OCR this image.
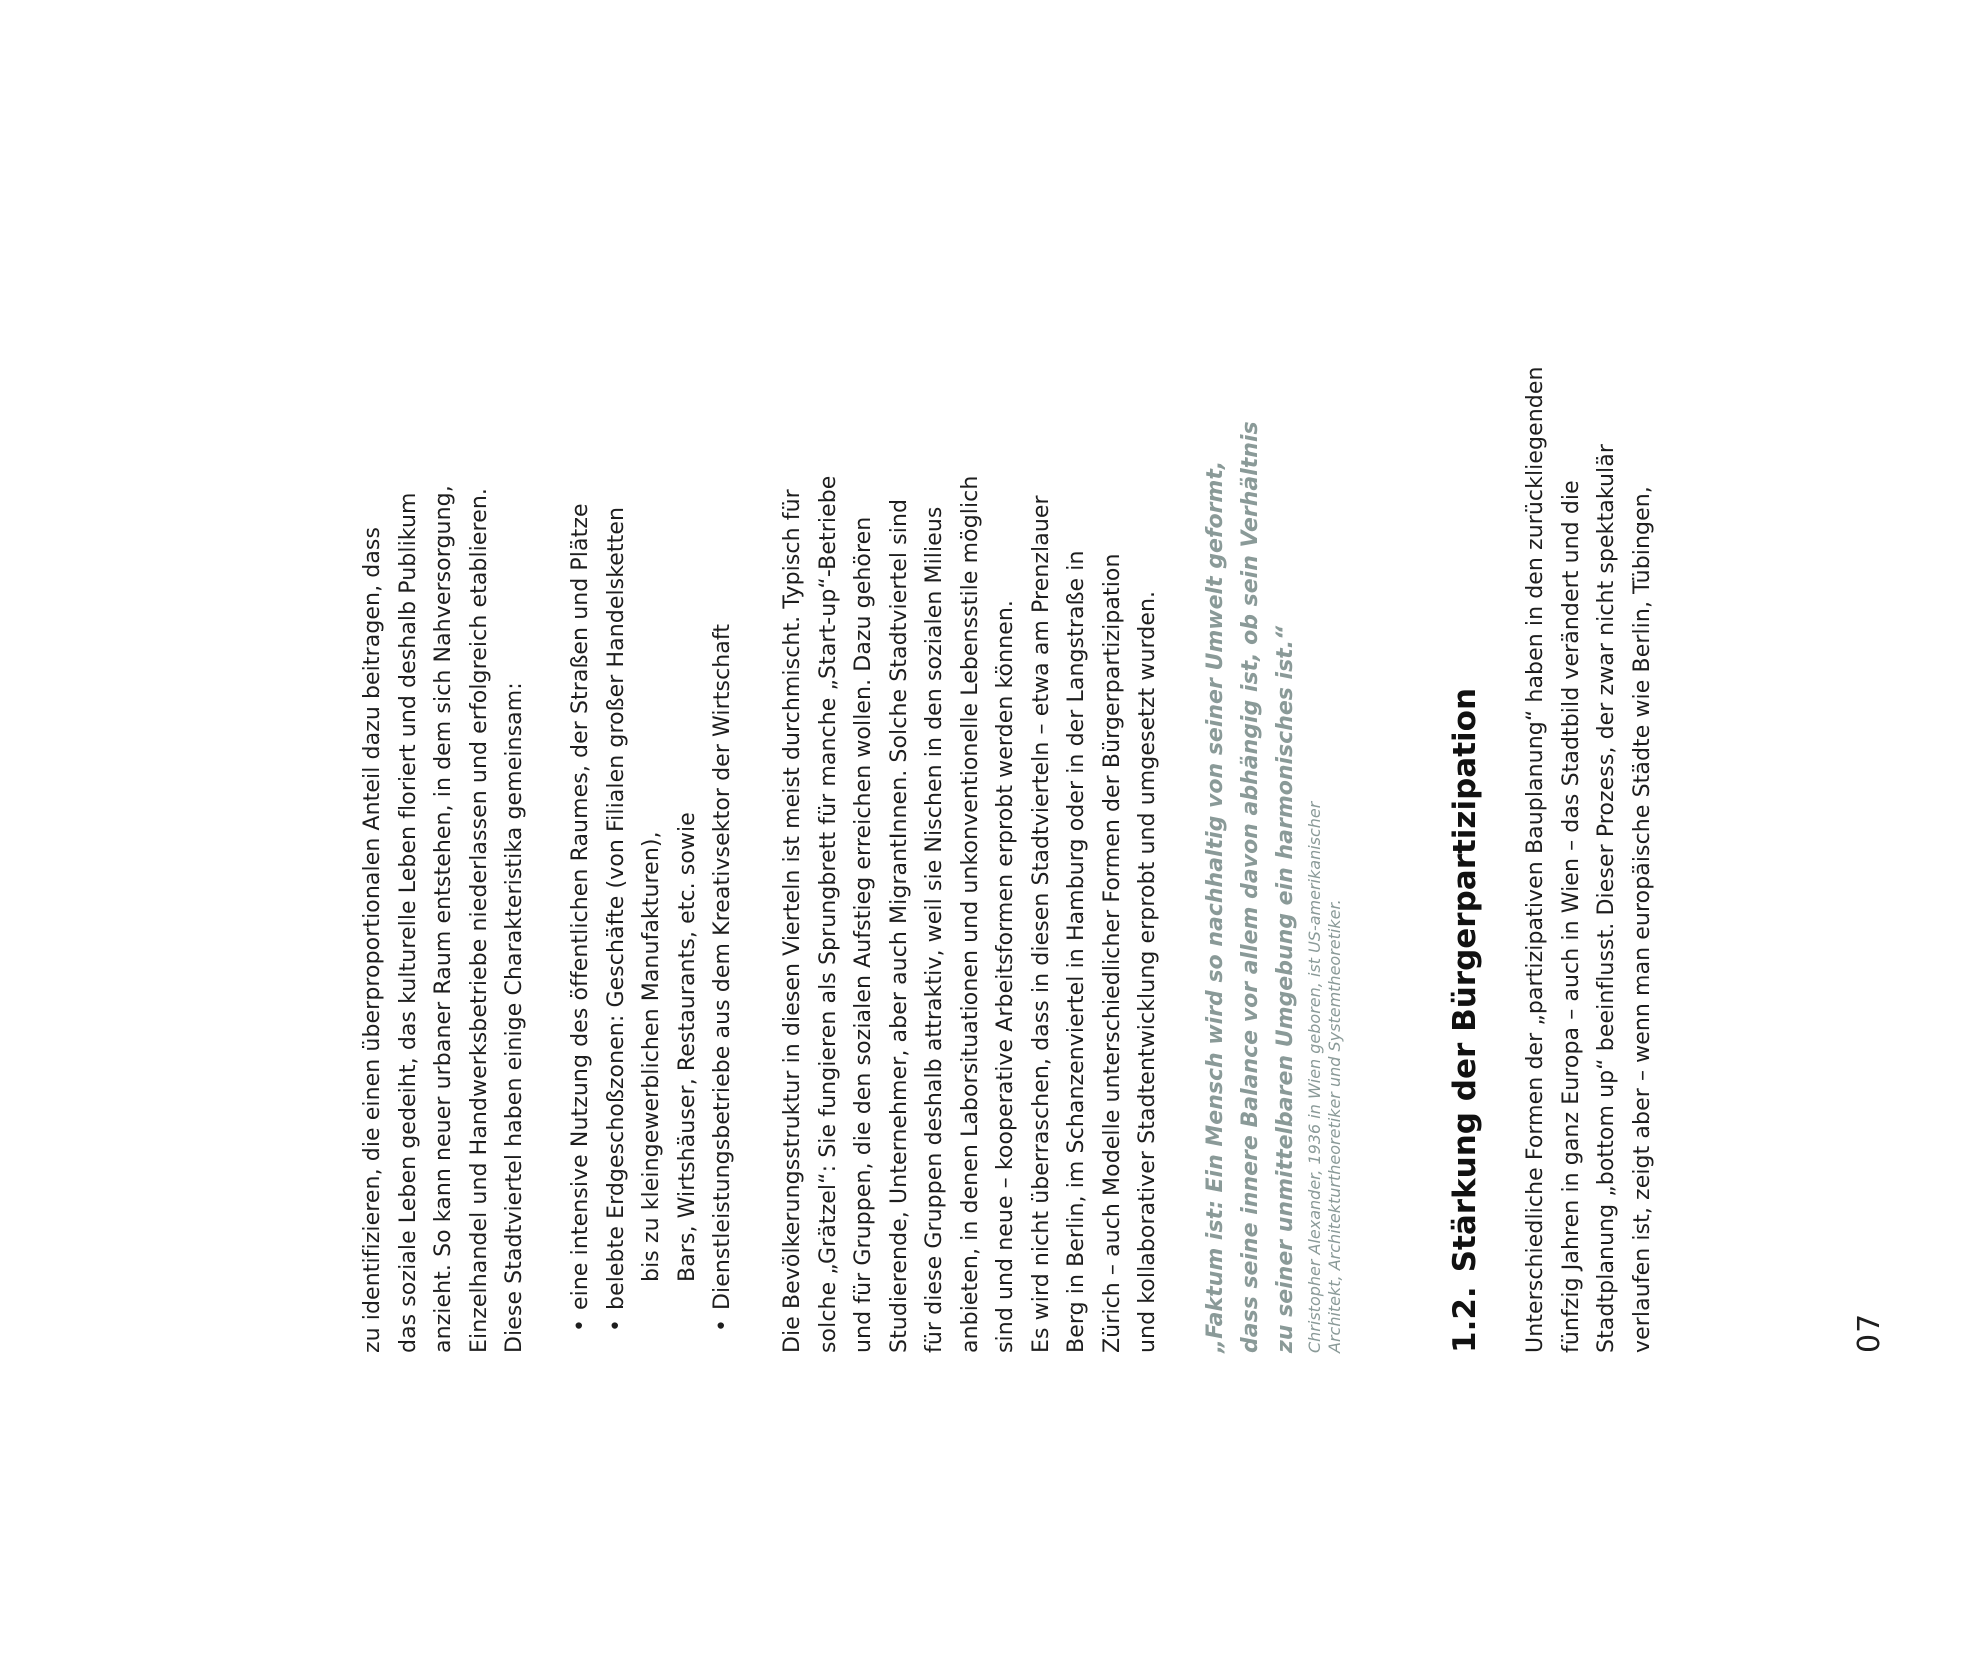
zu identifizieren, die einen überproportionalen Anteil dazu beitragen, dass das soziale Leben gedeiht, das kulturelle Leben floriert und deshalb Publikum anzieht. So kann neuer urbaner Raum entstehen, in dem sich Nahversorgung, Einzelhandel und Handwerksbetriebe niederlassen und erfolgreich etablieren. Diese Stadtviertel haben einige Charakteristika gemeinsam: •
eine intensive Nutzung des öffentlichen Raumes, der Straßen und Plätze
•
belebte Erdgeschoßzonen: Geschäfte (von Filialen großer Handelsketten bis zu kleingewerblichen Manufakturen), Bars, Wirtshäuser, Restaurants, etc. sowie
•
Dienstleistungsbetriebe aus dem Kreativsektor der Wirtschaft Die Bevölkerungsstruktur in diesen Vierteln ist meist durchmischt. Typisch für solche „Grätzel“: Sie fungieren als Sprungbrett für manche „Start-up“-Betriebe und für Gruppen, die den sozialen Aufstieg erreichen wollen. Dazu gehören Studierende, Unternehmer, aber auch MigrantInnen. Solche Stadtviertel sind für diese Gruppen deshalb attraktiv, weil sie Nischen in den sozialen Milieus anbieten, in denen Laborsituationen und unkonventionelle Lebensstile möglich sind und neue – kooperative Arbeitsformen erprobt werden können. Es wird nicht überraschen, dass in diesen Stadtvierteln – etwa am Prenzlauer Berg in Berlin, im Schanzenviertel in Hamburg oder in der Langstraße in Zürich – auch Modelle unterschiedlicher Formen der Bürgerpartizipation und kollaborativer Stadtentwicklung erprobt und umgesetzt wurden. „Faktum ist: Ein Mensch wird so nachhaltig von seiner Umwelt geformt, dass seine innere Balance vor allem davon abhängig ist, ob sein Verhältnis zu seiner unmittelbaren Umgebung ein harmonisches ist.“ Christopher Alexander, 1936 in Wien geboren, ist US-amerikanischer Architekt, Architekturtheoretiker und Systemtheoretiker.	1.2.Stärkung der Bürgerpartizipation Unterschiedliche Formen der „partizipativen Bauplanung“ haben in den zurückliegenden fünfzig Jahren in ganz Europa – auch in Wien – das Stadtbild verändert und die Stadtplanung „bottom up“ beeinflusst. Dieser Prozess, der zwar nicht spektakulär verlaufen ist, zeigt aber – wenn man europäische Städte wie Berlin, Tübingen,	07
